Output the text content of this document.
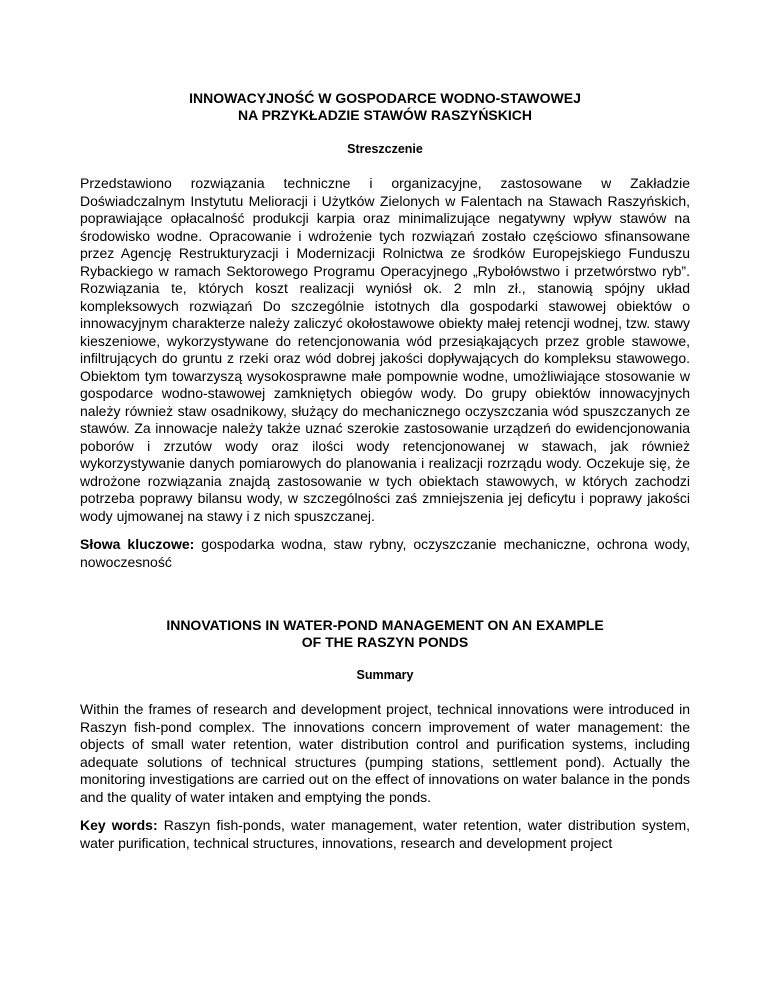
INNOWACYJNOŚĆ W GOSPODARCE WODNO-STAWOWEJ
NA PRZYKŁADZIE STAWÓW RASZYŃSKICH
Streszczenie

Przedstawiono rozwiązania techniczne i organizacyjne, zastosowane w Zakładzie Doświadczalnym Instytutu Melioracji i Użytków Zielonych w Falentach na Stawach Raszyńskich, poprawiające opłacalność produkcji karpia oraz minimalizujące negatywny wpływ stawów na środowisko wodne. Opracowanie i wdrożenie tych rozwiązań zostało częściowo sfinansowane przez Agencję Restrukturyzacji i Modernizacji Rolnictwa ze środków Europejskiego Funduszu Rybackiego w ramach Sektorowego Programu Operacyjnego „Rybołówstwo i przetwórstwo ryb”. Rozwiązania te, których koszt realizacji wyniósł ok. 2 mln zł., stanowią spójny układ kompleksowych rozwiązań Do szczególnie istotnych dla gospodarki stawowej obiektów o innowacyjnym charakterze należy zaliczyć okołostawowe obiekty małej retencji wodnej, tzw. stawy kieszeniowe, wykorzystywane do retencjonowania wód przesiąkających przez groble stawowe, infiltrujących do gruntu z rzeki oraz wód dobrej jakości dopływających do kompleksu stawowego. Obiektom tym towarzyszą wysokosprawne małe pompownie wodne, umożliwiające stosowanie w gospodarce wodno-stawowej zamkniętych obiegów wody. Do grupy obiektów innowacyjnych należy również staw osadnikowy, służący do mechanicznego oczyszczania wód spuszczanych ze stawów. Za innowacje należy także uznać szerokie zastosowanie urządzeń do ewidencjonowania poborów i zrzutów wody oraz ilości wody retencjonowanej w stawach, jak również wykorzystywanie danych pomiarowych do planowania i realizacji rozrządu wody. Oczekuje się, że wdrożone rozwiązania znajdą zastosowanie w tych obiektach stawowych, w których zachodzi potrzeba poprawy bilansu wody, w szczególności zaś zmniejszenia jej deficytu i poprawy jakości wody ujmowanej na stawy i z nich spuszczanej.

Słowa kluczowe: gospodarka wodna, staw rybny, oczyszczanie mechaniczne, ochrona wody, nowoczesność

INNOVATIONS IN WATER-POND MANAGEMENT ON AN EXAMPLE
OF THE RASZYN PONDS
Summary

Within the frames of research and development project, technical innovations were introduced in Raszyn fish-pond complex. The innovations concern improvement of water management: the objects of small water retention, water distribution control and purification systems, including adequate solutions of technical structures (pumping stations, settlement pond). Actually the monitoring investigations are carried out on the effect of innovations on water balance in the ponds and the quality of water intaken and emptying the ponds.

Key words: Raszyn fish-ponds, water management, water retention, water distribution system, water purification, technical structures, innovations, research and development project
